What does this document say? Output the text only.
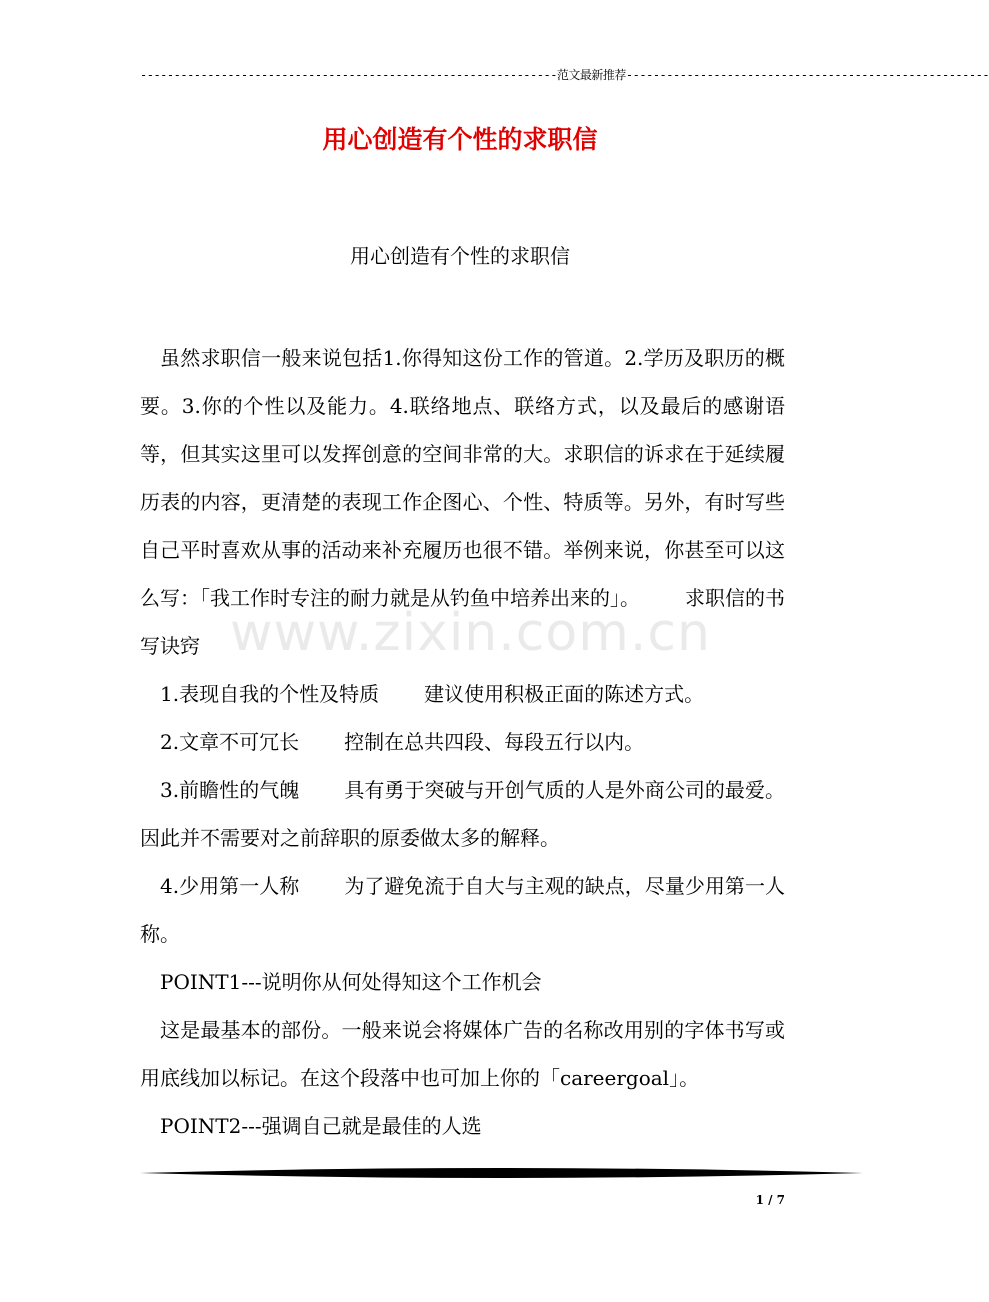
--------------------------------------------------------------范文最新推荐------------------------------------------------------
用心创造有个性的求职信
用心创造有个性的求职信
www.zixin.com.cn

虽然求职信一般来说包括1.你得知这份工作的管道。2.学历及职历的概要。3.你的个性以及能力。4.联络地点、联络方式，以及最后的感谢语等，但其实这里可以发挥创意的空间非常的大。求职信的诉求在于延续履历表的内容，更清楚的表现工作企图心、个性、特质等。另外，有时写些自己平时喜欢从事的活动来补充履历也很不错。举例来说，你甚至可以这么写：「我工作时专注的耐力就是从钓鱼中培养出来的」。 求职信的书写诀窍

1.表现自我的个性及特质 建议使用积极正面的陈述方式。

2.文章不可冗长 控制在总共四段、每段五行以内。

3.前瞻性的气魄 具有勇于突破与开创气质的人是外商公司的最爱。因此并不需要对之前辞职的原委做太多的解释。

4.少用第一人称 为了避免流于自大与主观的缺点，尽量少用第一人称。

POINT1---说明你从何处得知这个工作机会

这是最基本的部份。一般来说会将媒体广告的名称改用别的字体书写或用底线加以标记。在这个段落中也可加上你的「careergoal」。

POINT2---强调自己就是最佳的人选

1 / 7
